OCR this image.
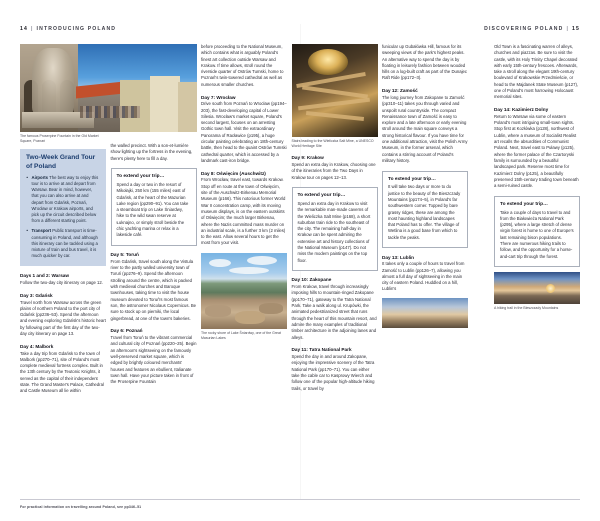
14 | INTRODUCING POLAND	DISCOVERING POLAND | 15
The famous Proserpine Fountain in the Old Market Square, Poznań
Two-Week Grand Tour of Poland
• Airports The best way to enjoy this tour is to arrive at and depart from Warsaw. Bear in mind, however, that you can also arrive at and depart from Gdańsk, Poznań, Wrocław or Krakow airports, and pick up the circuit described below from a different starting point.
• Transport Public transport is time-consuming in Poland, and although this itinerary can be tackled using a mixture of train and bus travel, it is much quicker by car.
Days 1 and 2: Warsaw

Follow the two-day city itinerary on page 12.

Day 3: Gdańsk

Travel north from Warsaw across the green plains of northern Poland to the port city of Gdańsk (pp236–53). Spend the afternoon and evening exploring Gdańsk's historic heart by following part of the first day of the two-day city itinerary on page 13.

Day 4: Malbork

Take a day trip from Gdańsk to the town of Malbork (pp270–71), site of Poland's most complete medieval fortress complex. Built in the 13th century by the Teutonic Knights, it served as the capital of their independent state. The Grand Master's Palace, Cathedral and Castle Museum all lie within

the walled precinct. With a son-et-lumière show lighting up the fortress in the evening, there's plenty here to fill a day.

To extend your trip…

Spend a day or two in the resort of Mikołajki, 250 km (155 miles) east of Gdańsk, at the heart of the Mazurian Lake region (pp290–91). You can take a steamboat trip on Lake Śniardwy, hike to the wild swan reserve at Łuknajno, or simply stroll beside the chic yachting marina or relax in a lakeside café.

Day 5: Toruń

From Gdańsk, travel south along the Vistula river to the partly walled university town of Toruń (pp276–9). Spend the afternoon strolling around the centre, which is packed with medieval churches and Baroque townhouses, taking time to visit the house museum devoted to Toruń's most famous son, the astronomer Nicolaus Copernicus. Be sure to stock up on pierniki, the local gingerbread, at one of the town's bakeries.

Day 6: Poznań

Travel from Toruń to the vibrant commercial and cultural city of Poznań (pp220–25). Begin an afternoon's sightseeing on the famously well-preserved market square, which is edged by brightly coloured merchants' houses and features an ebullient, Italianate town hall. Have your picture taken in front of the Proserpine Fountain

before proceeding to the National Museum, which contains what is arguably Poland's finest art collection outside Warsaw and Krakow. If time allows, stroll round the riverside quarter of Ostrów Tumski, home to Poznań's twin-towered cathedral as well as numerous smaller churches.

Day 7: Wrocław

Drive south from Poznań to Wrocław (pp194–203), the fast-developing capital of Lower Silesia. Wrocław's market square, Poland's second largest, focuses on an arresting Gothic town hall. Visit the extraordinary Panorama of Racławice (p195), a huge circular painting celebrating an 18th-century battle, then head to the quaint Ostrów Tumski cathedral quarter, which is accessed by a landmark cast-iron bridge.

Day 8: Oświęcim (Auschwitz)

From Wrocław, travel east, towards Krakow. Stop off en route at the town of Oświęcim, site of the Auschwitz-Birkenau Memorial Museum (p166). This notorious former World War II concentration camp, with its moving museum displays, is on the eastern outskirts of Oświęcim; the much larger Birkenau, where the Nazis committed mass murder on an industrial scale, is a further 3 km (2 miles) to the east. Allow several hours to get the most from your visit.

The rocky shore of Lake Śniardwy, one of the Great Masurian Lakes
Stairs leading to the Wieliczka Salt Mine, a UNESCO World Heritage Site
Day 9: Krakow

Spend an extra day in Krakow, choosing one of the itineraries from the Two Days in Krakow tour on pages 12–13.

To extend your trip…

Spend an extra day in Krakow to visit the remarkable man-made caverns of the Wieliczka Salt Mine (p168), a short suburban train ride to the southeast of the city. The remaining half-day in Krakow can be spent admiring the extensive art and history collections of the National Museum (p147). Do not miss the modern paintings on the top floor.

Day 10: Zakopane

From Krakow, travel through increasingly imposing hills to mountain-ringed Zakopane (pp170–71), gateway to the Tatra National Park. Take a walk along ul. Krupówki, the animated pedestrianized street that runs through the heart of this mountain resort, and admire the many examples of traditional timber architecture in the adjoining lanes and alleys.

Day 11: Tatra National Park

Spend the day in and around Zakopane, enjoying the impressive scenery of the Tatra National Park (pp170–71). You can either take the cable car to Kasprowy Wierch and follow one of the popular high-altitude hiking trails, or travel by

funicular up Gubałówka Hill, famous for its sweeping views of the park's highest peaks. An alternative way to spend the day is by floating in leisurely fashion between wooded hills on a log-built craft as part of the Dunajec Raft Ride (pp172–3).

Day 12: Zamość

The long journey from Zakopane to Zamość (pp310–11) takes you through varied and unspoilt rural countryside. The compact Renaissance town of Zamość is easy to explore and a late afternoon or early evening stroll around the main square conveys a strong historical flavour. If you have time for one additional attraction, visit the Polish Army Museum, in the former arsenal, which contains a stirring account of Poland's military history.

To extend your trip…

It will take two days or more to do justice to the beauty of the Bieszczady Mountains (pp174–5), in Poland's far southwestern corner. Topped by bare grassy ridges, these are among the most haunting highland landscapes that Poland has to offer. The village of Wetlina is a good base from which to tackle the peaks.

Day 13: Lublin

It takes only a couple of hours to travel from Zamość to Lublin (pp126–7), allowing you almost a full day of sightseeing in the main city of eastern Poland. Huddled on a hill, Lublin's

Old Town is a fascinating warren of alleys, churches and piazzas. Be sure to visit the castle, with its Holy Trinity Chapel decorated with early 15th-century frescoes. Afterwards, take a stroll along the elegant 19th-century boulevard of Krakowskie Przedmieście, or head to the Majdanek State Museum (p127), one of Poland's most harrowing Holocaust memorial sites.

Day 14: Kazimierz Dolny

Return to Warsaw via some of eastern Poland's most intriguing small-town sights. Stop first at Kozłówka (p128), northwest of Lublin, where a museum of Socialist Realist art recalls the absurdities of Communist Poland. Next, travel east to Puławy (p125), where the former palace of the Czartoryski family is surrounded by a beautiful landscaped park. Reserve most time for Kazimierz Dolny (p125), a beautifully preserved 15th-century trading town beneath a semi-ruined castle.

To extend your trip…

Take a couple of days to travel to and from the Białowieża National Park (p295), where a large stretch of dense virgin forest is home to one of Europe's last remaining bison populations. There are numerous hiking trails to follow, and the opportunity for a horse-and-cart trip through the forest.

A hiking trail in the Bieszczady Mountains
For practical information on travelling around Poland, see pp346–51
